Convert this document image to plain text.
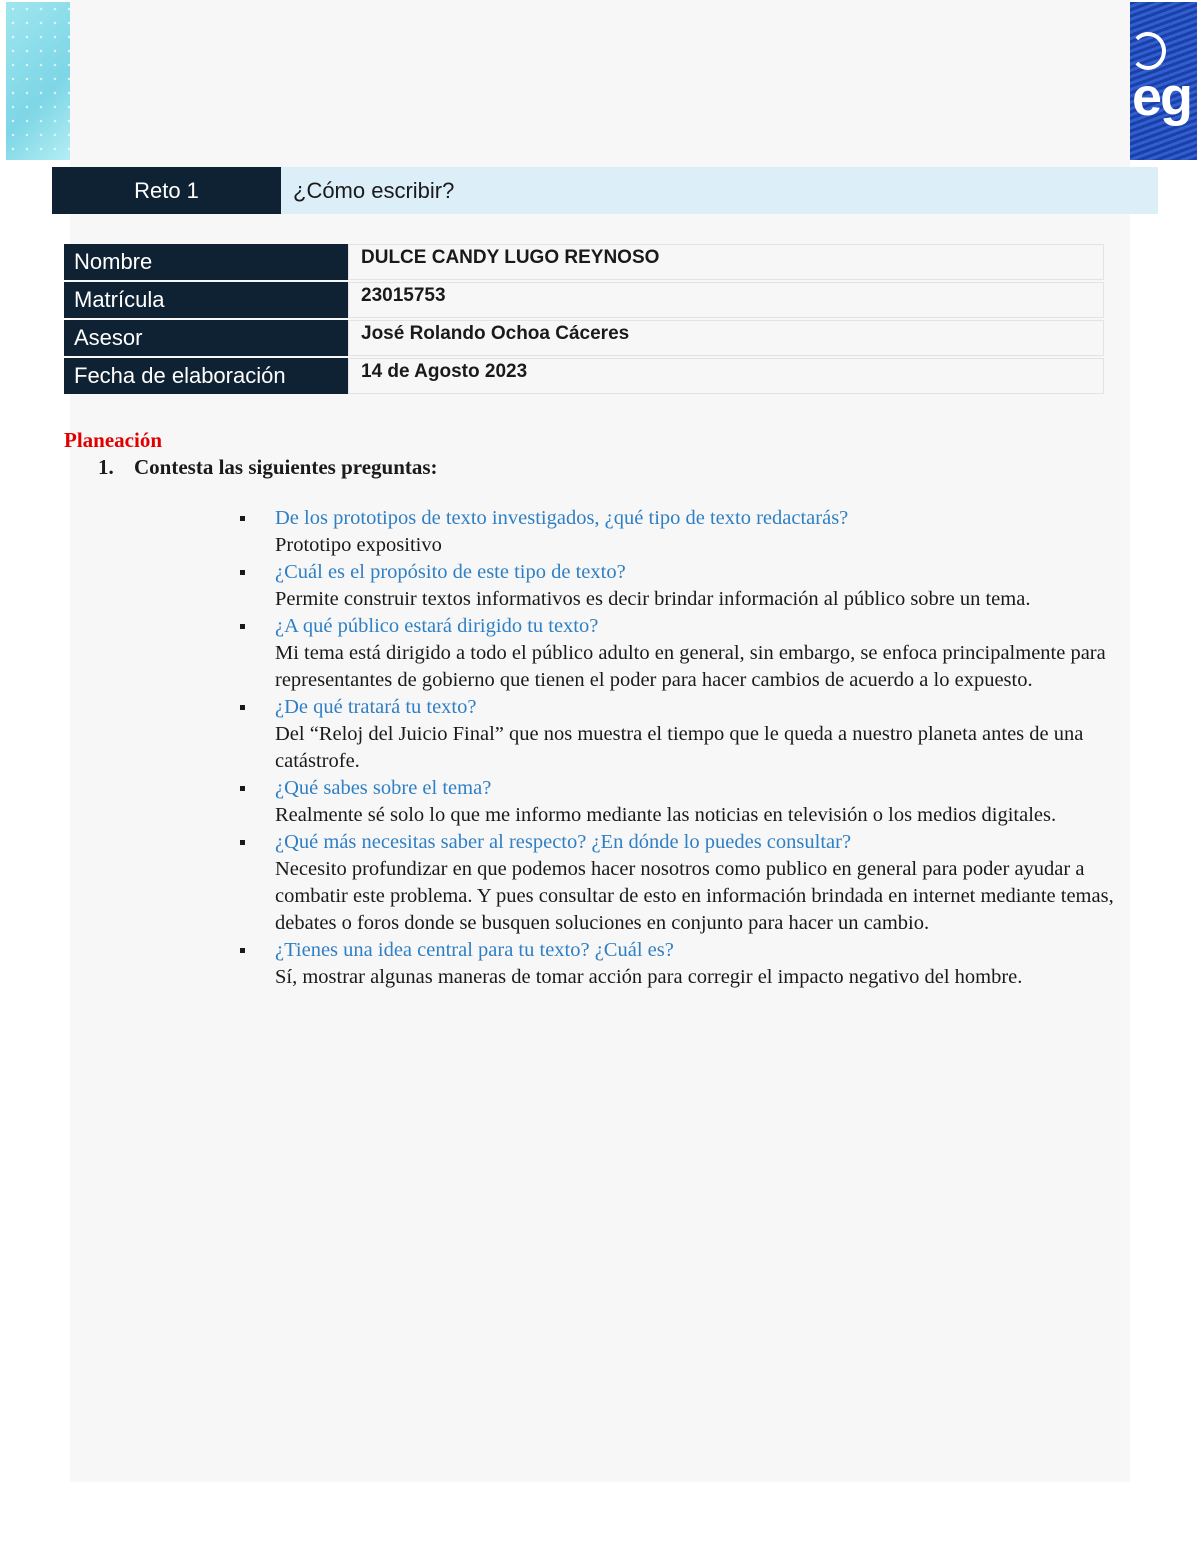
eg
Reto 1	¿Cómo escribir?
Nombre	DULCE CANDY LUGO REYNOSO
Matrícula	23015753
Asesor	José Rolando Ochoa Cáceres
Fecha de elaboración	14 de Agosto 2023
Planeación
1. Contesta las siguientes preguntas:
De los prototipos de texto investigados, ¿qué tipo de texto redactarás?
Prototipo expositivo
¿Cuál es el propósito de este tipo de texto?
Permite construir textos informativos es decir brindar información al público sobre un tema.
¿A qué público estará dirigido tu texto?
Mi tema está dirigido a todo el público adulto en general, sin embargo, se enfoca principalmente para representantes de gobierno que tienen el poder para hacer cambios de acuerdo a lo expuesto.
¿De qué tratará tu texto?
Del “Reloj del Juicio Final” que nos muestra el tiempo que le queda a nuestro planeta antes de una catástrofe.
¿Qué sabes sobre el tema?
Realmente sé solo lo que me informo mediante las noticias en televisión o los medios digitales.
¿Qué más necesitas saber al respecto? ¿En dónde lo puedes consultar?
Necesito profundizar en que podemos hacer nosotros como publico en general para poder ayudar a combatir este problema. Y pues consultar de esto en información brindada en internet mediante temas, debates o foros donde se busquen soluciones en conjunto para hacer un cambio.
¿Tienes una idea central para tu texto? ¿Cuál es?
Sí, mostrar algunas maneras de tomar acción para corregir el impacto negativo del hombre.
